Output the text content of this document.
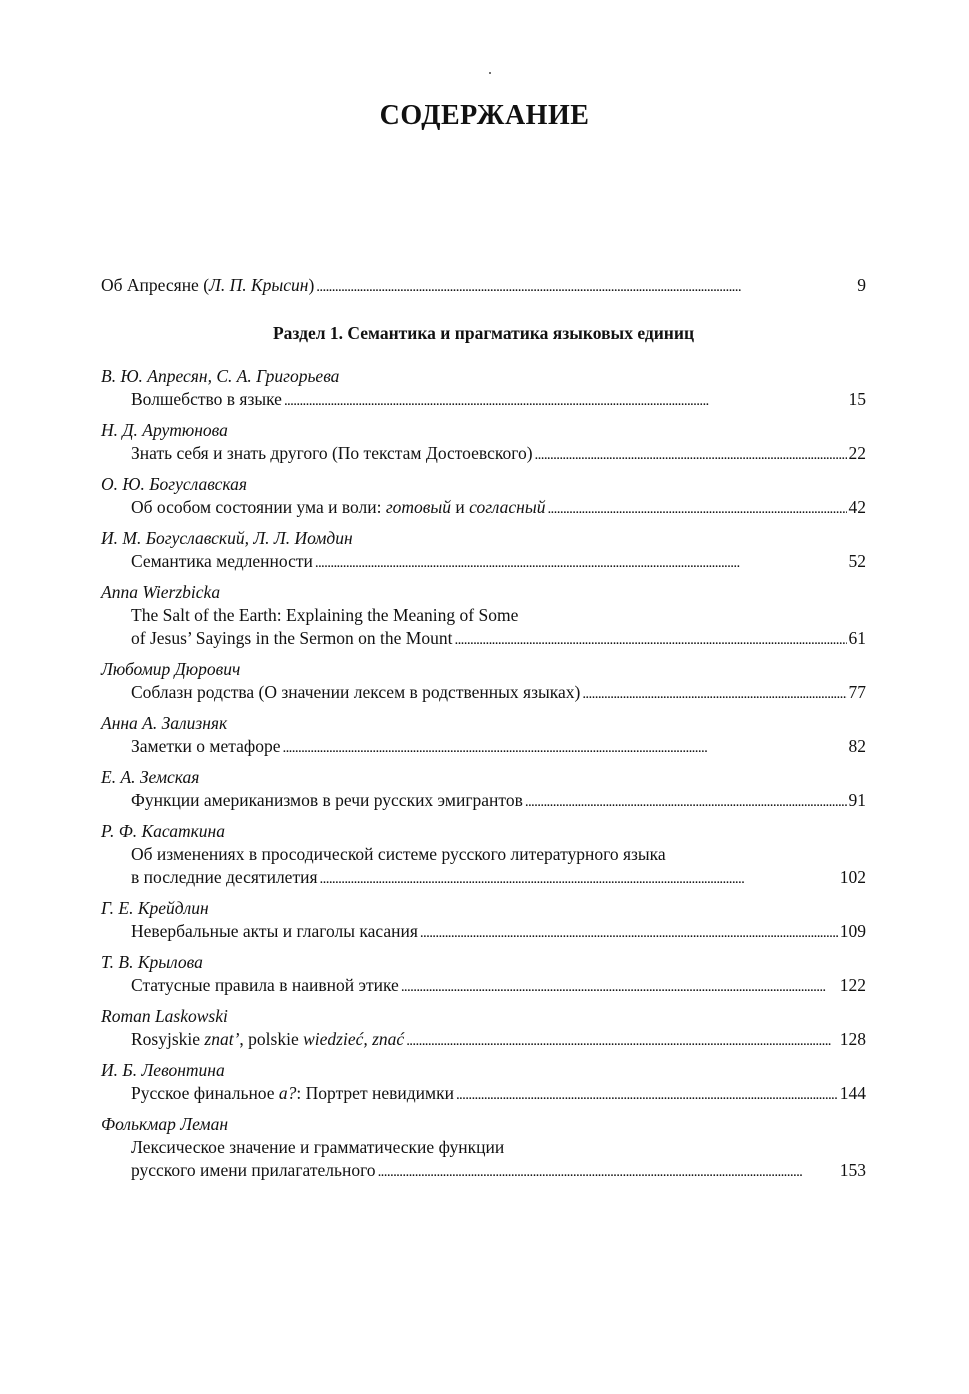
СОДЕРЖАНИЕ
Об Апресяне (Л. П. Крысин) . . .	9
Раздел 1. Семантика и прагматика языковых единиц
В. Ю. Апресян, С. А. Григорьева
Волшебство в языке . . .	15
Н. Д. Арутюнова
Знать себя и знать другого (По текстам Достоевского) . . .	22
О. Ю. Богуславская
Об особом состоянии ума и воли: готовый и согласный . . .	42
И. М. Богуславский, Л. Л. Иомдин
Семантика медленности . . .	52
Anna Wierzbicka
The Salt of the Earth: Explaining the Meaning of Some
of Jesus’ Sayings in the Sermon on the Mount . . .	61
Любомир Дюрович
Соблазн родства (О значении лексем в родственных языках) . . .	77
Анна А. Зализняк
Заметки о метафоре . . .	82
Е. А. Земская
Функции американизмов в речи русских эмигрантов . . .	91
Р. Ф. Касаткина
Об изменениях в просодической системе русского литературного языка
в последние десятилетия . . .	102
Г. Е. Крейдлин
Невербальные акты и глаголы касания . . .	109
Т. В. Крылова
Статусные правила в наивной этике . . .	122
Roman Laskowski
Rosyjskie znat’, polskie wiedzieć, znać . . .	128
И. Б. Левонтина
Русское финальное а?: Портрет невидимки . . .	144
Фолькмар Леман
Лексическое значение и грамматические функции
русского имени прилагательного . . .	153
